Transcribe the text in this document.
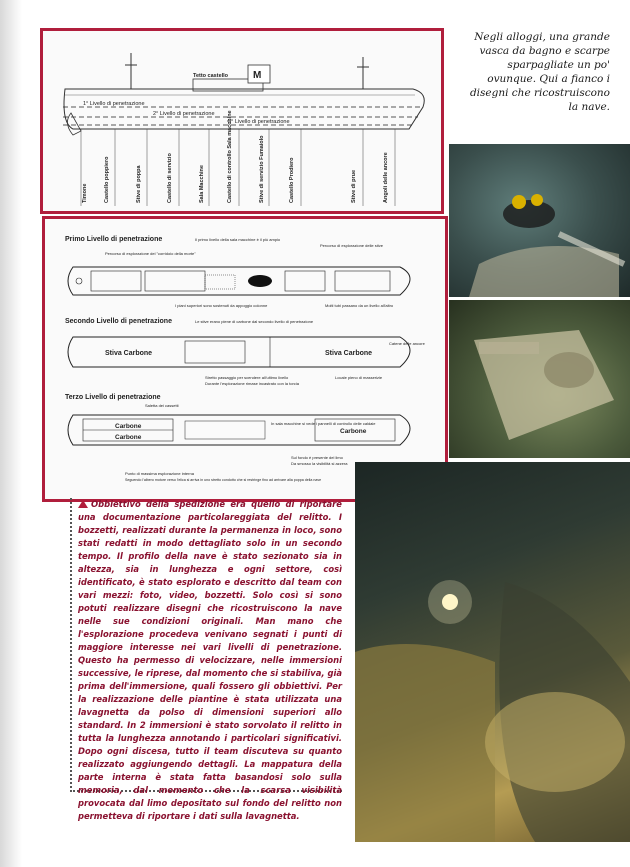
M
Tetto castello
1° Livello di penetrazione
2° Livello di penetrazione
3° Livello di penetrazione
Timone	Castello poppiero	Stive di poppa	Castello di servizio	Sala Macchine	Castello di controllo Sala macchine	Stive di servizio Fumaiolo	Castello Prodiero	Stive di prue	Angoli delle ancore
Primo Livello di penetrazione	Il primo livello della sala macchine è il più ampio
Percorso di esplorazione delle stive
Percorso di esplorazione del "corridoio della morte"
I piani superiori sono sostenuti da appoggio colonne	Molti tubi passano da un livello all'altro
Secondo Livello di penetrazione	Le stive erano piene di carbone dal secondo livello di penetrazione
Stiva Carbone	Stiva Carbone
Catene delle ancore
Stretto passaggio per scendere all'ultimo livello
Durante l'esplorazione rimase incastrato con la torcia
Locale pieno di masserizie
Terzo Livello di penetrazione
Saletta dei cassetti
Carbone
Carbone
Carbone
In sala macchine si vede i pannelli di controllo delle caldaie
Sul fondo è presente del limo
Da smosso la visibilità si azzera
Punto di massima esplorazione interna
Seguendo l'albero motore verso l'elica si arriva in uno stretto condotto che si restringe fino ad arrivare alla poppa della nave
Negli alloggi, una grande vasca da bagno e scarpe sparpagliate un po' ovunque. Qui a fianco i disegni che ricostruiscono la nave.

Obbiettivo della spedizione era quello di riportare una documentazione particolareggiata del relitto. I bozzetti, realizzati durante la permanenza in loco, sono stati redatti in modo dettagliato solo in un secondo tempo. Il profilo della nave è stato sezionato sia in altezza, sia in lunghezza e ogni settore, così identificato, è stato esplorato e descritto dal team con vari mezzi: foto, video, bozzetti. Solo così si sono potuti realizzare disegni che ricostruiscono la nave nelle sue condizioni originali. Man mano che l'esplorazione procedeva venivano segnati i punti di maggiore interesse nei vari livelli di penetrazione. Questo ha permesso di velocizzare, nelle immersioni successive, le riprese, dal momento che si stabiliva, già prima dell'immersione, quali fossero gli obbiettivi. Per la realizzazione delle piantine è stata utilizzata una lavagnetta da polso di dimensioni superiori allo standard. In 2 immersioni è stato sorvolato il relitto in tutta la lunghezza annotando i particolari significativi. Dopo ogni discesa, tutto il team discuteva su quanto realizzato aggiungendo dettagli. La mappatura della parte interna è stata fatta basandosi solo sulla memoria, dal momento che la scarsa visibilità provocata dal limo depositato sul fondo del relitto non permetteva di riportare i dati sulla lavagnetta.
